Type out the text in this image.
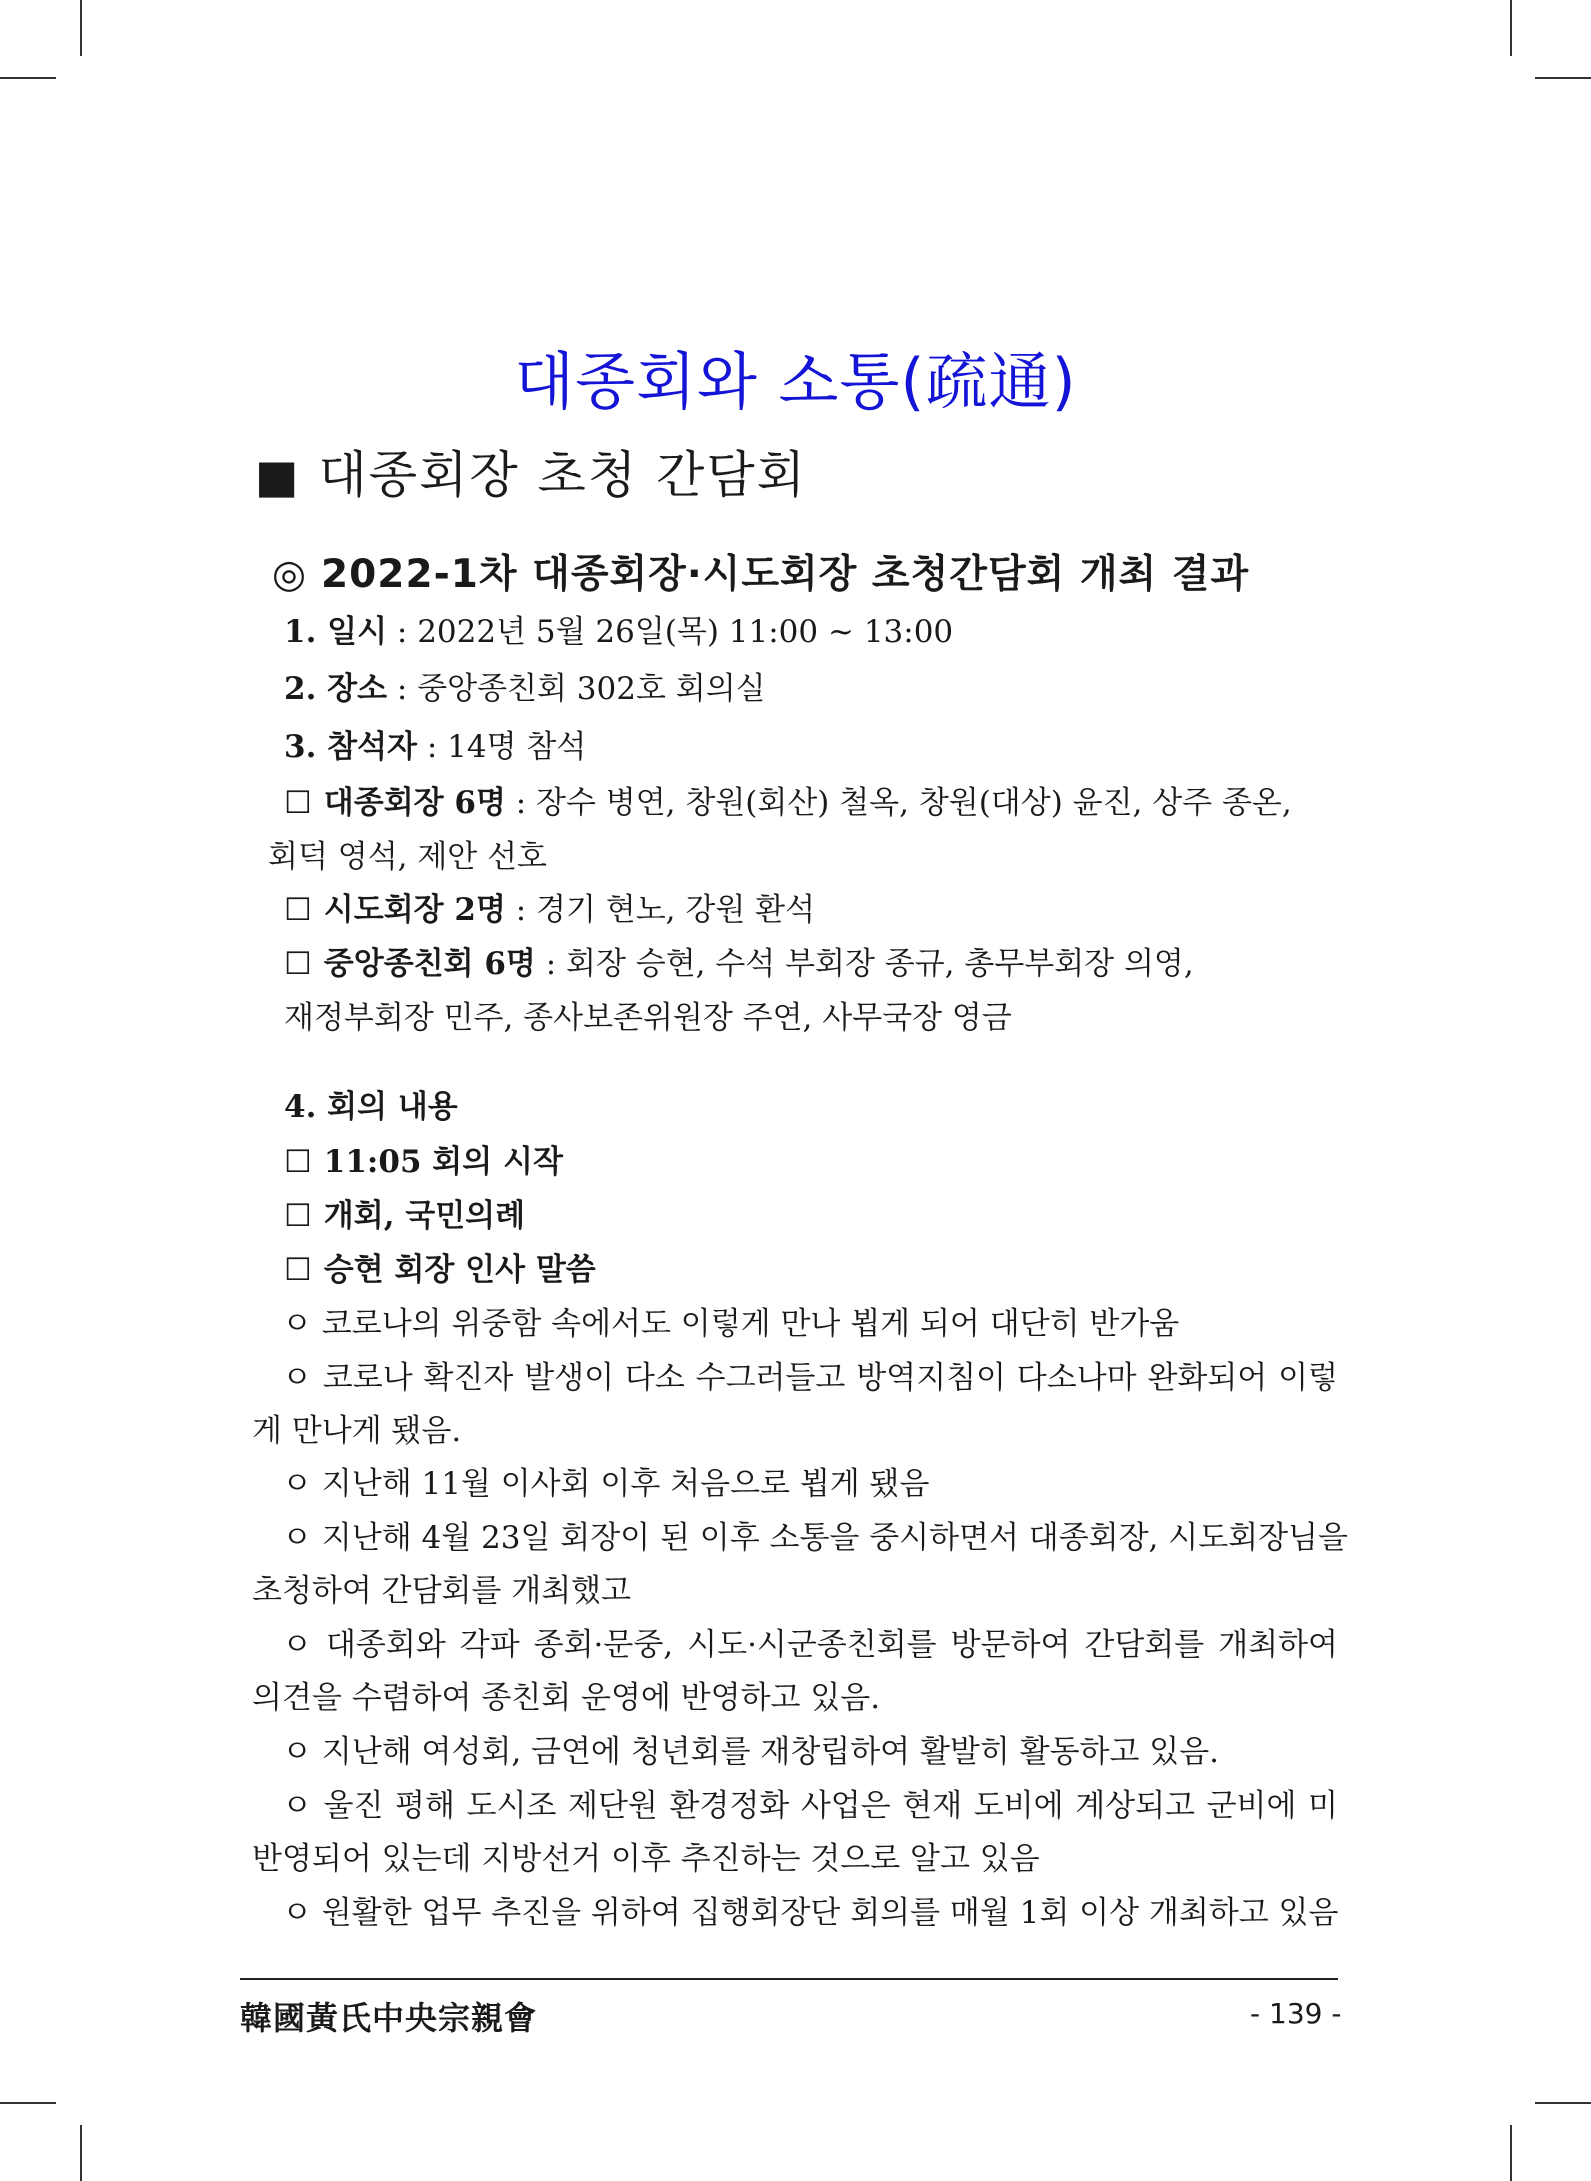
대종회와 소통(疏通)
■ 대종회장 초청 간담회
◎ 2022-1차 대종회장·시도회장 초청간담회 개최 결과
1. 일시 : 2022년 5월 26일(목) 11:00 ~ 13:00
2. 장소 : 중앙종친회 302호 회의실
3. 참석자 : 14명 참석
☐ 대종회장 6명 : 장수 병연, 창원(회산) 철옥, 창원(대상) 윤진, 상주 종온,
회덕 영석, 제안 선호
☐ 시도회장 2명 : 경기 현노, 강원 환석
☐ 중앙종친회 6명 : 회장 승현, 수석 부회장 종규, 총무부회장 의영,
재정부회장 민주, 종사보존위원장 주연, 사무국장 영금
4. 회의 내용
☐ 11:05 회의 시작
☐ 개회, 국민의례
☐ 승현 회장 인사 말씀
ㅇ 코로나의 위중함 속에서도 이렇게 만나 뵙게 되어 대단히 반가움
ㅇ 코로나 확진자 발생이 다소 수그러들고 방역지침이 다소나마 완화되어 이렇
게 만나게 됐음.
ㅇ 지난해 11월 이사회 이후 처음으로 뵙게 됐음
ㅇ 지난해 4월 23일 회장이 된 이후 소통을 중시하면서 대종회장, 시도회장님을
초청하여 간담회를 개최했고
ㅇ 대종회와 각파 종회·문중, 시도·시군종친회를 방문하여 간담회를 개최하여
의견을 수렴하여 종친회 운영에 반영하고 있음.
ㅇ 지난해 여성회, 금연에 청년회를 재창립하여 활발히 활동하고 있음.
ㅇ 울진 평해 도시조 제단원 환경정화 사업은 현재 도비에 계상되고 군비에 미
반영되어 있는데 지방선거 이후 추진하는 것으로 알고 있음
ㅇ 원활한 업무 추진을 위하여 집행회장단 회의를 매월 1회 이상 개최하고 있음
韓國黃氏中央宗親會	- 139 -
